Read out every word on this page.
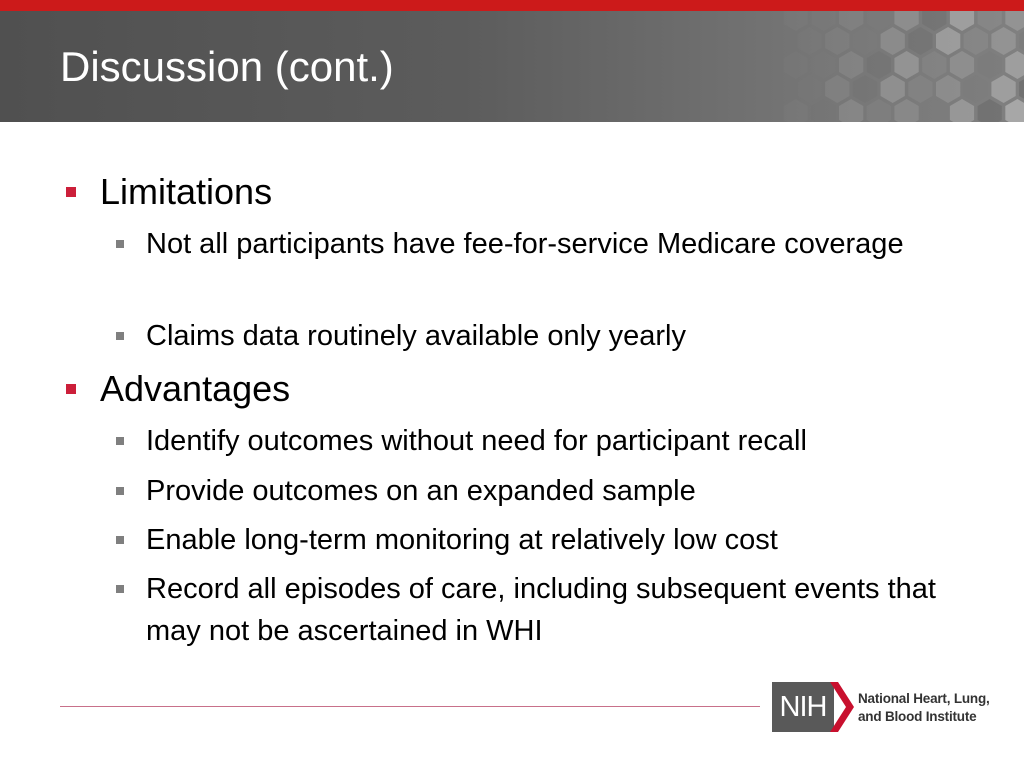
Discussion (cont.)
Limitations
Not all participants have fee-for-service Medicare coverage
Claims data routinely available only yearly
Advantages
Identify outcomes without need for participant recall
Provide outcomes on an expanded sample
Enable long-term monitoring at relatively low cost
Record all episodes of care, including subsequent events that may not be ascertained in WHI
NIH	National Heart, Lung,
and Blood Institute
